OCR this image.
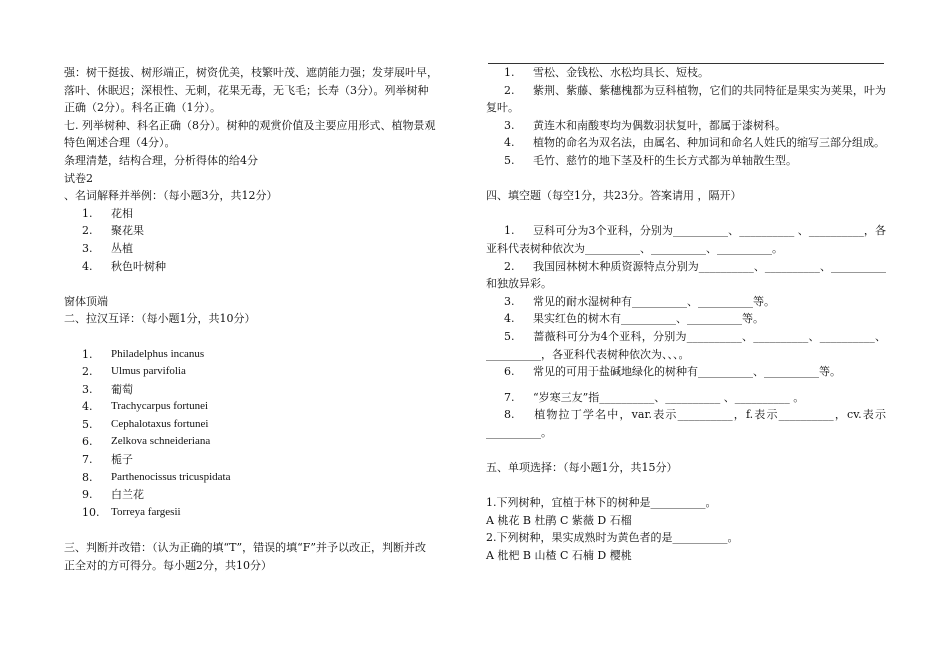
强：树干挺拔、树形端正，树资优美，枝繁叶茂、遮荫能力强；发芽展叶早，
落叶、休眠迟；深根性、无刺，花果无毒，无飞毛；长寿（3分）。列举树种
正确（2分）。科名正确（1分）。
七. 列举树种、科名正确（8分）。树种的观赏价值及主要应用形式、植物景观
特色阐述合理（4分）。
条理清楚，结构合理，分析得体的给4分
试卷2
、名词解释并举例：（每小题3分，共12分）
1.	花相
2.	聚花果
3.	丛植
4.	秋色叶树种
窗体顶端
二、拉汉互译：（每小题1分，共10分）
1.	Philadelphus incanus
2.	Ulmus parvifolia
3.	葡萄
4.	Trachycarpus fortunei
5.	Cephalotaxus fortunei
6.	Zelkova schneideriana
7.	栀子
8.	Parthenocissus tricuspidata
9.	白兰花
10.	Torreya fargesii
三、判断并改错：（认为正确的填“T”，错误的填“F”并予以改正，判断并改
正全对的方可得分。每小题2分，共10分）
1. 雪松、金钱松、水松均具长、短枝。
2. 紫荆、紫藤、紫穗槐都为豆科植物，它们的共同特征是果实为荚果，叶为复叶。
3. 黄连木和南酸枣均为偶数羽状复叶，都属于漆树科。
4. 植物的命名为双名法，由属名、种加词和命名人姓氏的缩写三部分组成。
5. 毛竹、慈竹的地下茎及杆的生长方式都为单轴散生型。
四、填空题（每空1分，共23分。答案请用 ，隔开）
1. 豆科可分为3个亚科，分别为__________、__________ 、__________，各亚科代表树种依次为__________、__________、__________。
2. 我国园林树木种质资源特点分别为__________、__________、__________和独放异彩。
3. 常见的耐水湿树种有__________、__________等。
4. 果实红色的树木有__________、__________等。
5. 蔷薇科可分为4个亚科，分别为__________、__________、__________、__________，各亚科代表树种依次为、、、。
6. 常见的可用于盐碱地绿化的树种有__________、__________等。
7. “岁寒三友”指__________、__________ 、__________ 。
8. 植物拉丁学名中，var.表示__________，f.表示__________，cv.表示__________。
五、单项选择：（每小题1分，共15分）
1.下列树种，宜植于林下的树种是__________。
A 桃花 B 杜鹃 C 紫薇 D 石榴
2.下列树种，果实成熟时为黄色者的是__________。
A 枇杷 B 山楂 C 石楠 D 樱桃
